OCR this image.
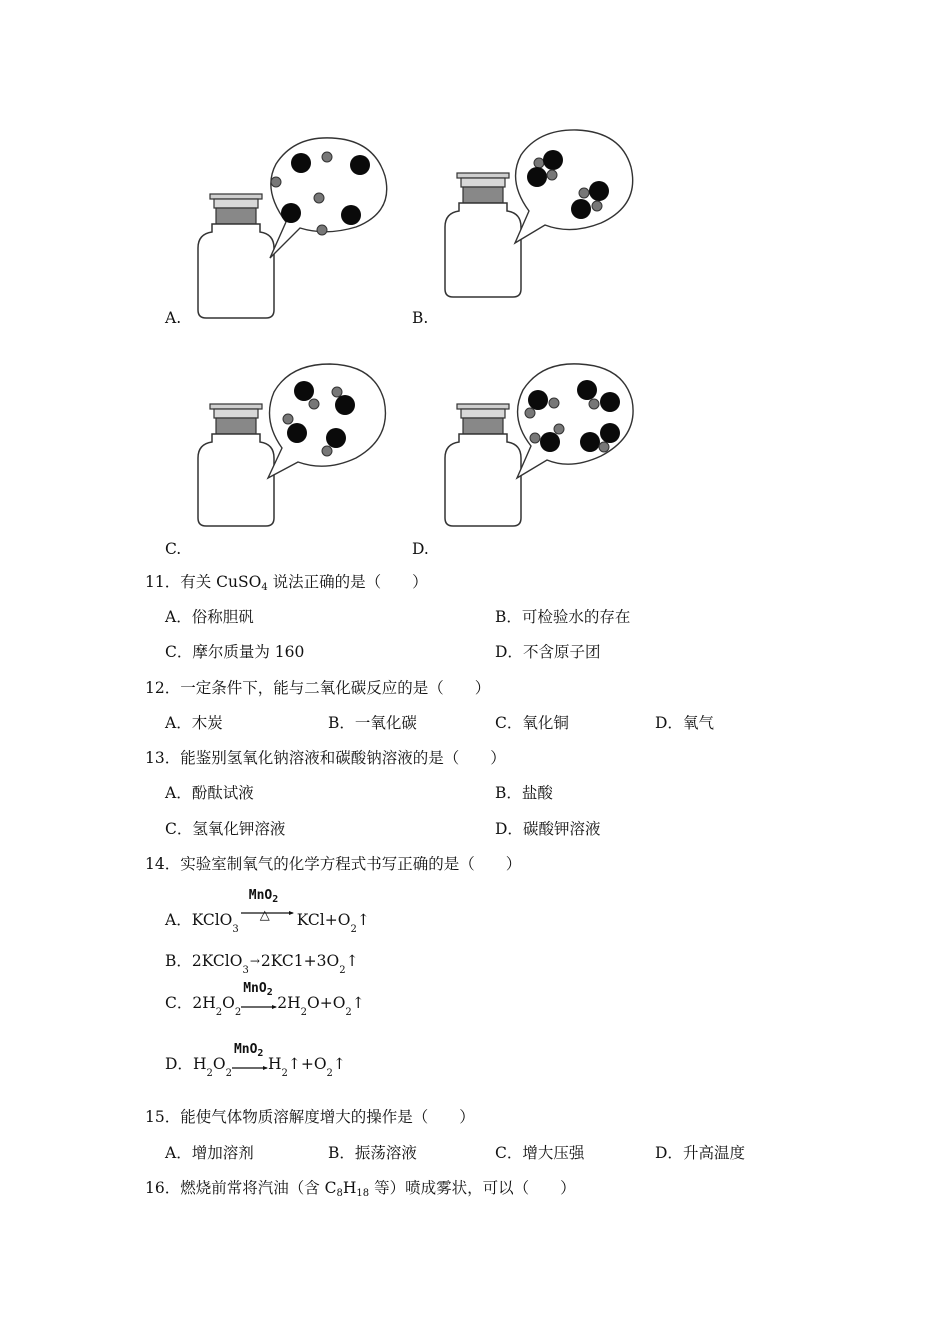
A.	B.
C.	D.
11．有关 CuSO$_4$ 说法正确的是（　　）
A．俗称胆矾	B．可检验水的存在
C．摩尔质量为 160	D．不含原子团
12．一定条件下，能与二氧化碳反应的是（　　）
A．木炭	B．一氧化碳	C．氧化铜	D．氧气
13．能鉴别氢氧化钠溶液和碳酸钠溶液的是（　　）
A．酚酞试液	B．盐酸
C．氢氧化钾溶液	D．碳酸钾溶液
14．实验室制氧气的化学方程式书写正确的是（　　）
A． KClO
3
MnO$_2$
△ KCl+O
2
↑
B． 2KClO
3
→ 2KC1+3O
2
↑
C． 2H
2
O
2
MnO$_2$
2H
2
O+O
2
↑
D． H
2
O
2
MnO$_2$
H
2
↑+O
2
↑
15．能使气体物质溶解度增大的操作是（　　）
A．增加溶剂	B．振荡溶液	C．增大压强	D．升高温度
16．燃烧前常将汽油（含 $C_8H_{18}$ 等）喷成雾状，可以（　　）
